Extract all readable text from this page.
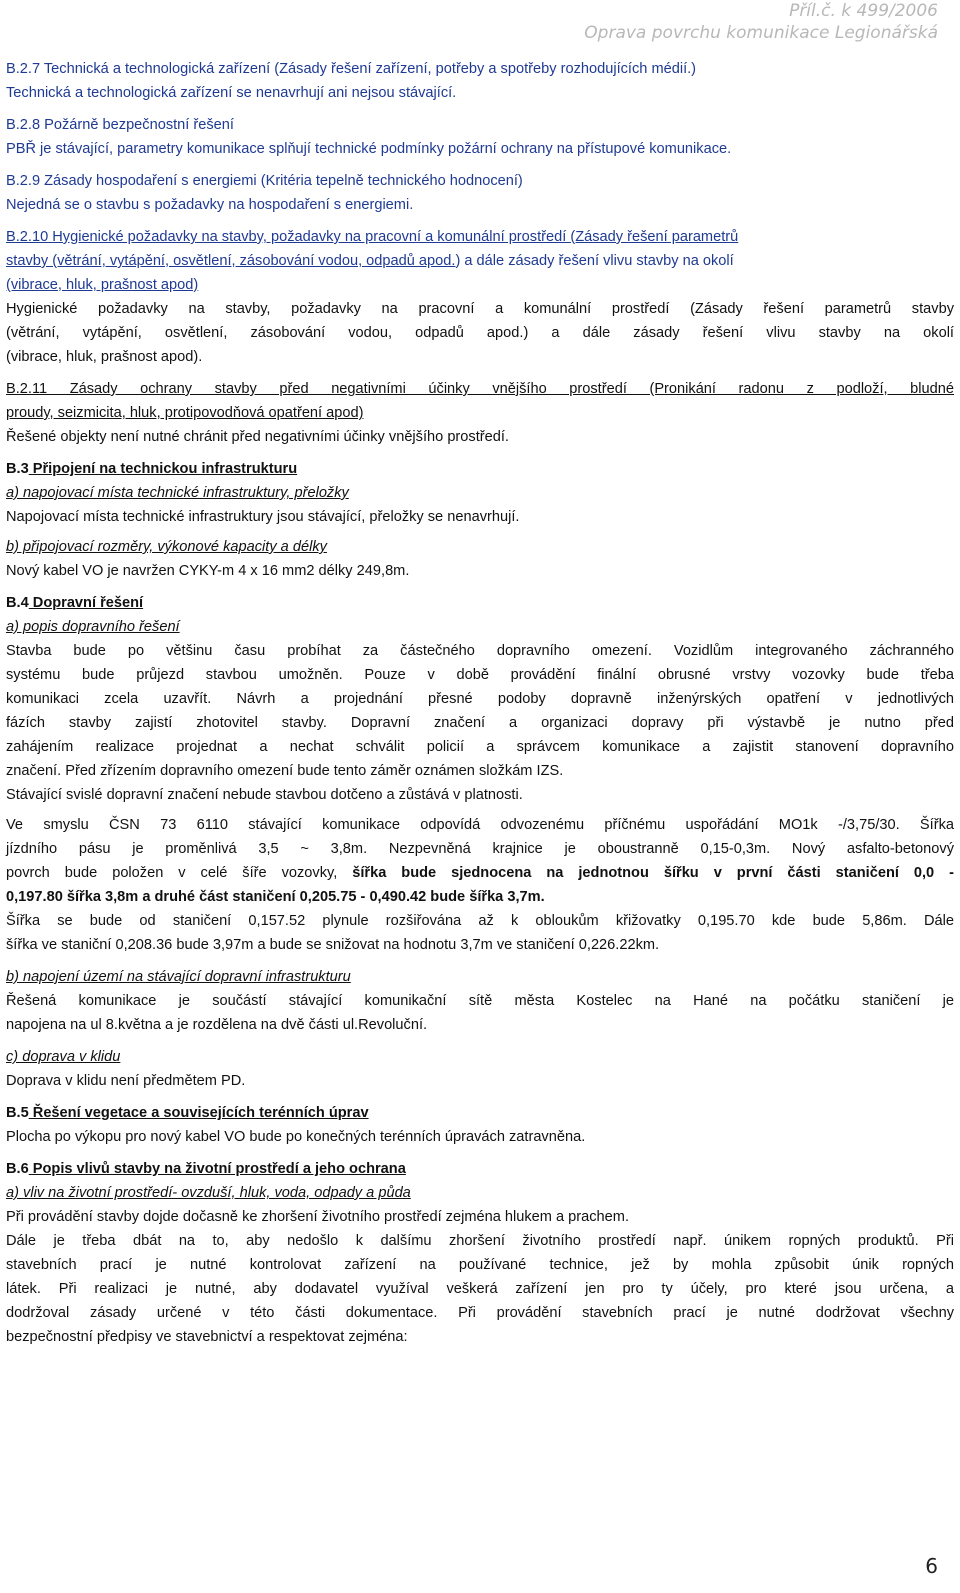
Příl.č. k 499/2006
Oprava povrchu komunikace Legionářská

B.2.7 Technická a technologická zařízení (Zásady řešení zařízení, potřeby a spotřeby rozhodujících médií.)

Technická a technologická zařízení se nenavrhují ani nejsou stávající.

B.2.8 Požárně bezpečnostní řešení

PBŘ je stávající, parametry komunikace splňují technické podmínky požární ochrany na přístupové komunikace.

B.2.9 Zásady hospodaření s energiemi (Kritéria tepelně technického hodnocení)

Nejedná se o stavbu s požadavky na hospodaření s energiemi.

B.2.10 Hygienické požadavky na stavby, požadavky na pracovní a komunální prostředí (Zásady řešení parametrů

stavby (větrání, vytápění, osvětlení, zásobování vodou, odpadů apod.) a dále zásady řešení vlivu stavby na okolí

(vibrace, hluk, prašnost apod)

Hygienické požadavky na stavby, požadavky na pracovní a komunální prostředí (Zásady řešení parametrů stavby

(větrání, vytápění, osvětlení, zásobování vodou, odpadů apod.) a dále zásady řešení vlivu stavby na okolí

(vibrace, hluk, prašnost apod).

B.2.11 Zásady ochrany stavby před negativními účinky vnějšího prostředí (Pronikání radonu z podloží, bludné

proudy, seizmicita, hluk, protipovodňová opatření apod)

Řešené objekty není nutné chránit před negativními účinky vnějšího prostředí.

B.3 Připojení na technickou infrastrukturu

a) napojovací místa technické infrastruktury, přeložky

Napojovací místa technické infrastruktury jsou stávající, přeložky se nenavrhují.

b) připojovací rozměry, výkonové kapacity a délky

Nový kabel VO je navržen CYKY-m 4 x 16 mm2 délky 249,8m.

B.4 Dopravní řešení

a) popis dopravního řešení

Stavba bude po většinu času probíhat za částečného dopravního omezení. Vozidlům integrovaného záchranného

systému bude průjezd stavbou umožněn. Pouze v době provádění finální obrusné vrstvy vozovky bude třeba

komunikaci zcela uzavřít. Návrh a projednání přesné podoby dopravně inženýrských opatření v jednotlivých

fázích stavby zajistí zhotovitel stavby. Dopravní značení a organizaci dopravy při výstavbě je nutno před

zahájením realizace projednat a nechat schválit policií a správcem komunikace a zajistit stanovení dopravního

značení. Před zřízením dopravního omezení bude tento záměr oznámen složkám IZS.

Stávající svislé dopravní značení nebude stavbou dotčeno a zůstává v platnosti.

Ve smyslu ČSN 73 6110 stávající komunikace odpovídá odvozenému příčnému uspořádání MO1k -/3,75/30. Šířka

jízdního pásu je proměnlivá 3,5 ~ 3,8m. Nezpevněná krajnice je oboustranně 0,15-0,3m. Nový asfalto-betonový

povrch bude položen v celé šíře vozovky, šířka bude sjednocena na jednotnou šířku v první části staničení 0,0 -

0,197.80 šířka 3,8m a druhé část staničení 0,205.75 - 0,490.42 bude šířka 3,7m.

Šířka se bude od staničení 0,157.52 plynule rozšiřována až k obloukům křižovatky 0,195.70 kde bude 5,86m. Dále

šířka ve staniční 0,208.36 bude 3,97m a bude se snižovat na hodnotu 3,7m ve staničení 0,226.22km.

b) napojení území na stávající dopravní infrastrukturu

Řešená komunikace je součástí stávající komunikační sítě města Kostelec na Hané na počátku staničení je

napojena na ul 8.května a je rozdělena na dvě části ul.Revoluční.

c) doprava v klidu

Doprava v klidu není předmětem PD.

B.5 Řešení vegetace a souvisejících terénních úprav

Plocha po výkopu pro nový kabel VO bude po konečných terénních úpravách zatravněna.

B.6 Popis vlivů stavby na životní prostředí a jeho ochrana

a) vliv na životní prostředí- ovzduší, hluk, voda, odpady a půda

Při provádění stavby dojde dočasně ke zhoršení životního prostředí zejména hlukem a prachem.

Dále je třeba dbát na to, aby nedošlo k dalšímu zhoršení životního prostředí např. únikem ropných produktů. Při

stavebních prací je nutné kontrolovat zařízení na používané technice, jež by mohla způsobit únik ropných

látek. Při realizaci je nutné, aby dodavatel využíval veškerá zařízení jen pro ty účely, pro které jsou určena, a

dodržoval zásady určené v této části dokumentace. Při provádění stavebních prací je nutné dodržovat všechny

bezpečnostní předpisy ve stavebnictví a respektovat zejména:

6
